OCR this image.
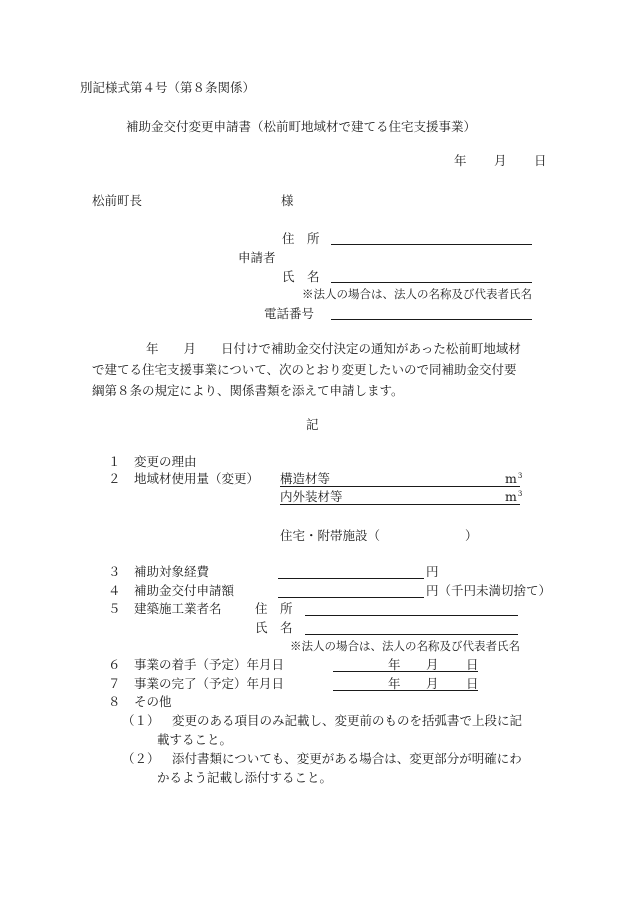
別記様式第４号（第８条関係）
補助金交付変更申請書（松前町地域材で建てる住宅支援事業）
年 月 日
松前町長	様
住　所
申請者
氏　名
※法人の場合は、法人の名称及び代表者氏名
電話番号
年　　月　　日付けで補助金交付決定の通知があった松前町地域材
で建てる住宅支援事業について、次のとおり変更したいので同補助金交付要
綱第８条の規定により、関係書類を添えて申請します。
記
１ 変更の理由
２ 地域材使用量（変更） 構造材等	$m^3$
内外装材等	$m^3$
住宅・附帯施設（	）
３ 補助対象経費	円
４ 補助金交付申請額	円（千円未満切捨て）
５ 建築施工業者名	住　所
氏　名
※法人の場合は、法人の名称及び代表者氏名
６ 事業の着手（予定）年月日	年 月 日
７ 事業の完了（予定）年月日	年 月 日
８ その他
（１） 変更のある項目のみ記載し、変更前のものを括弧書で上段に記
載すること。
（２） 添付書類についても、変更がある場合は、変更部分が明確にわ
かるよう記載し添付すること。
